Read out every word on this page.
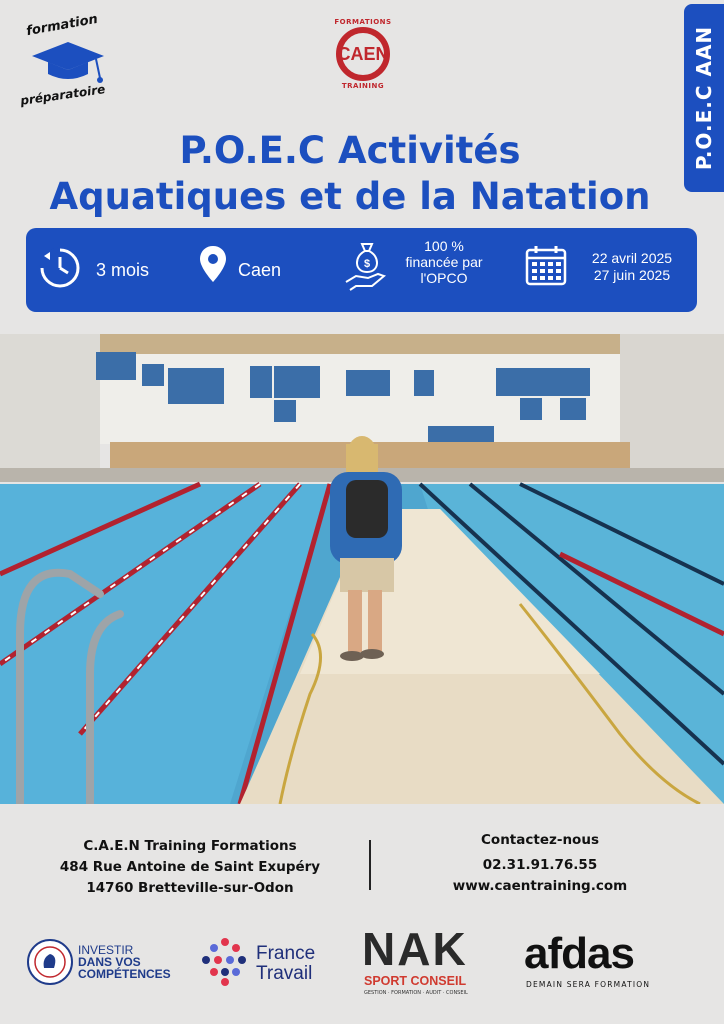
formation
préparatoire
FORMATIONS
CAEN
TRAINING	P.O.E.C AAN
P.O.E.C Activités
Aquatiques et de la Natation
3 mois	Caen	$
100 % financée par l'OPCO
22 avril 2025
27 juin 2025
C.A.E.N Training Formations
484 Rue Antoine de Saint Exupéry
14760 Bretteville-sur-Odon
Contactez-nous
02.31.91.76.55
www.caentraining.com
INVESTIR
DANS VOS
COMPÉTENCES
France
Travail NAK
SPORT CONSEIL
GESTION · FORMATION · AUDIT · CONSEIL
afdas
DEMAIN SERA FORMATION
